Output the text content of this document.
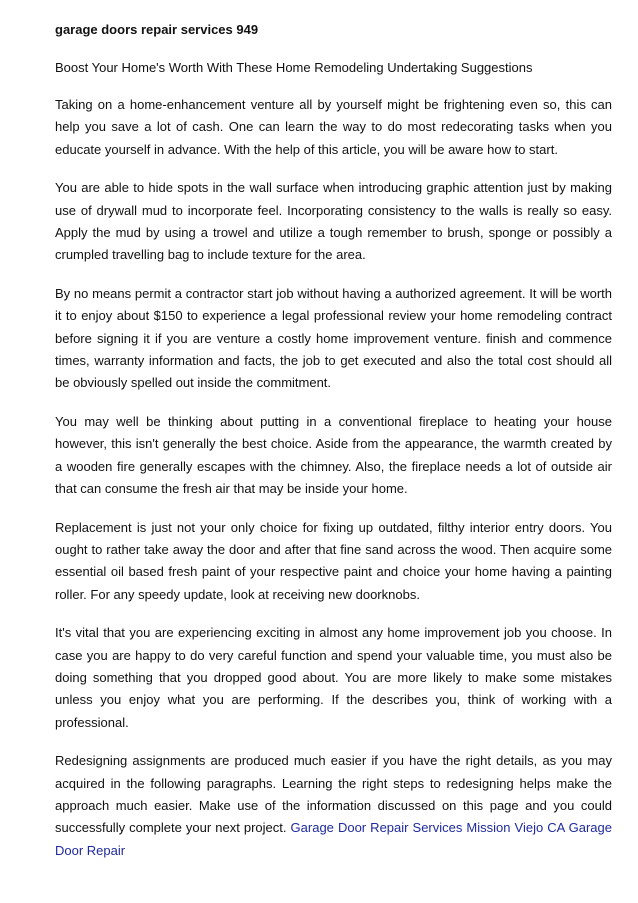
garage doors repair services 949
Boost Your Home's Worth With These Home Remodeling Undertaking Suggestions

Taking on a home-enhancement venture all by yourself might be frightening even so, this can help you save a lot of cash. One can learn the way to do most redecorating tasks when you educate yourself in advance. With the help of this article, you will be aware how to start.

You are able to hide spots in the wall surface when introducing graphic attention just by making use of drywall mud to incorporate feel. Incorporating consistency to the walls is really so easy. Apply the mud by using a trowel and utilize a tough remember to brush, sponge or possibly a crumpled travelling bag to include texture for the area.

By no means permit a contractor start job without having a authorized agreement. It will be worth it to enjoy about $150 to experience a legal professional review your home remodeling contract before signing it if you are venture a costly home improvement venture. finish and commence times, warranty information and facts, the job to get executed and also the total cost should all be obviously spelled out inside the commitment.

You may well be thinking about putting in a conventional fireplace to heating your house however, this isn't generally the best choice. Aside from the appearance, the warmth created by a wooden fire generally escapes with the chimney. Also, the fireplace needs a lot of outside air that can consume the fresh air that may be inside your home.

Replacement is just not your only choice for fixing up outdated, filthy interior entry doors. You ought to rather take away the door and after that fine sand across the wood. Then acquire some essential oil based fresh paint of your respective paint and choice your home having a painting roller. For any speedy update, look at receiving new doorknobs.

It's vital that you are experiencing exciting in almost any home improvement job you choose. In case you are happy to do very careful function and spend your valuable time, you must also be doing something that you dropped good about. You are more likely to make some mistakes unless you enjoy what you are performing. If the describes you, think of working with a professional.

Redesigning assignments are produced much easier if you have the right details, as you may acquired in the following paragraphs. Learning the right steps to redesigning helps make the approach much easier. Make use of the information discussed on this page and you could successfully complete your next project. Garage Door Repair Services Mission Viejo CA Garage Door Repair
